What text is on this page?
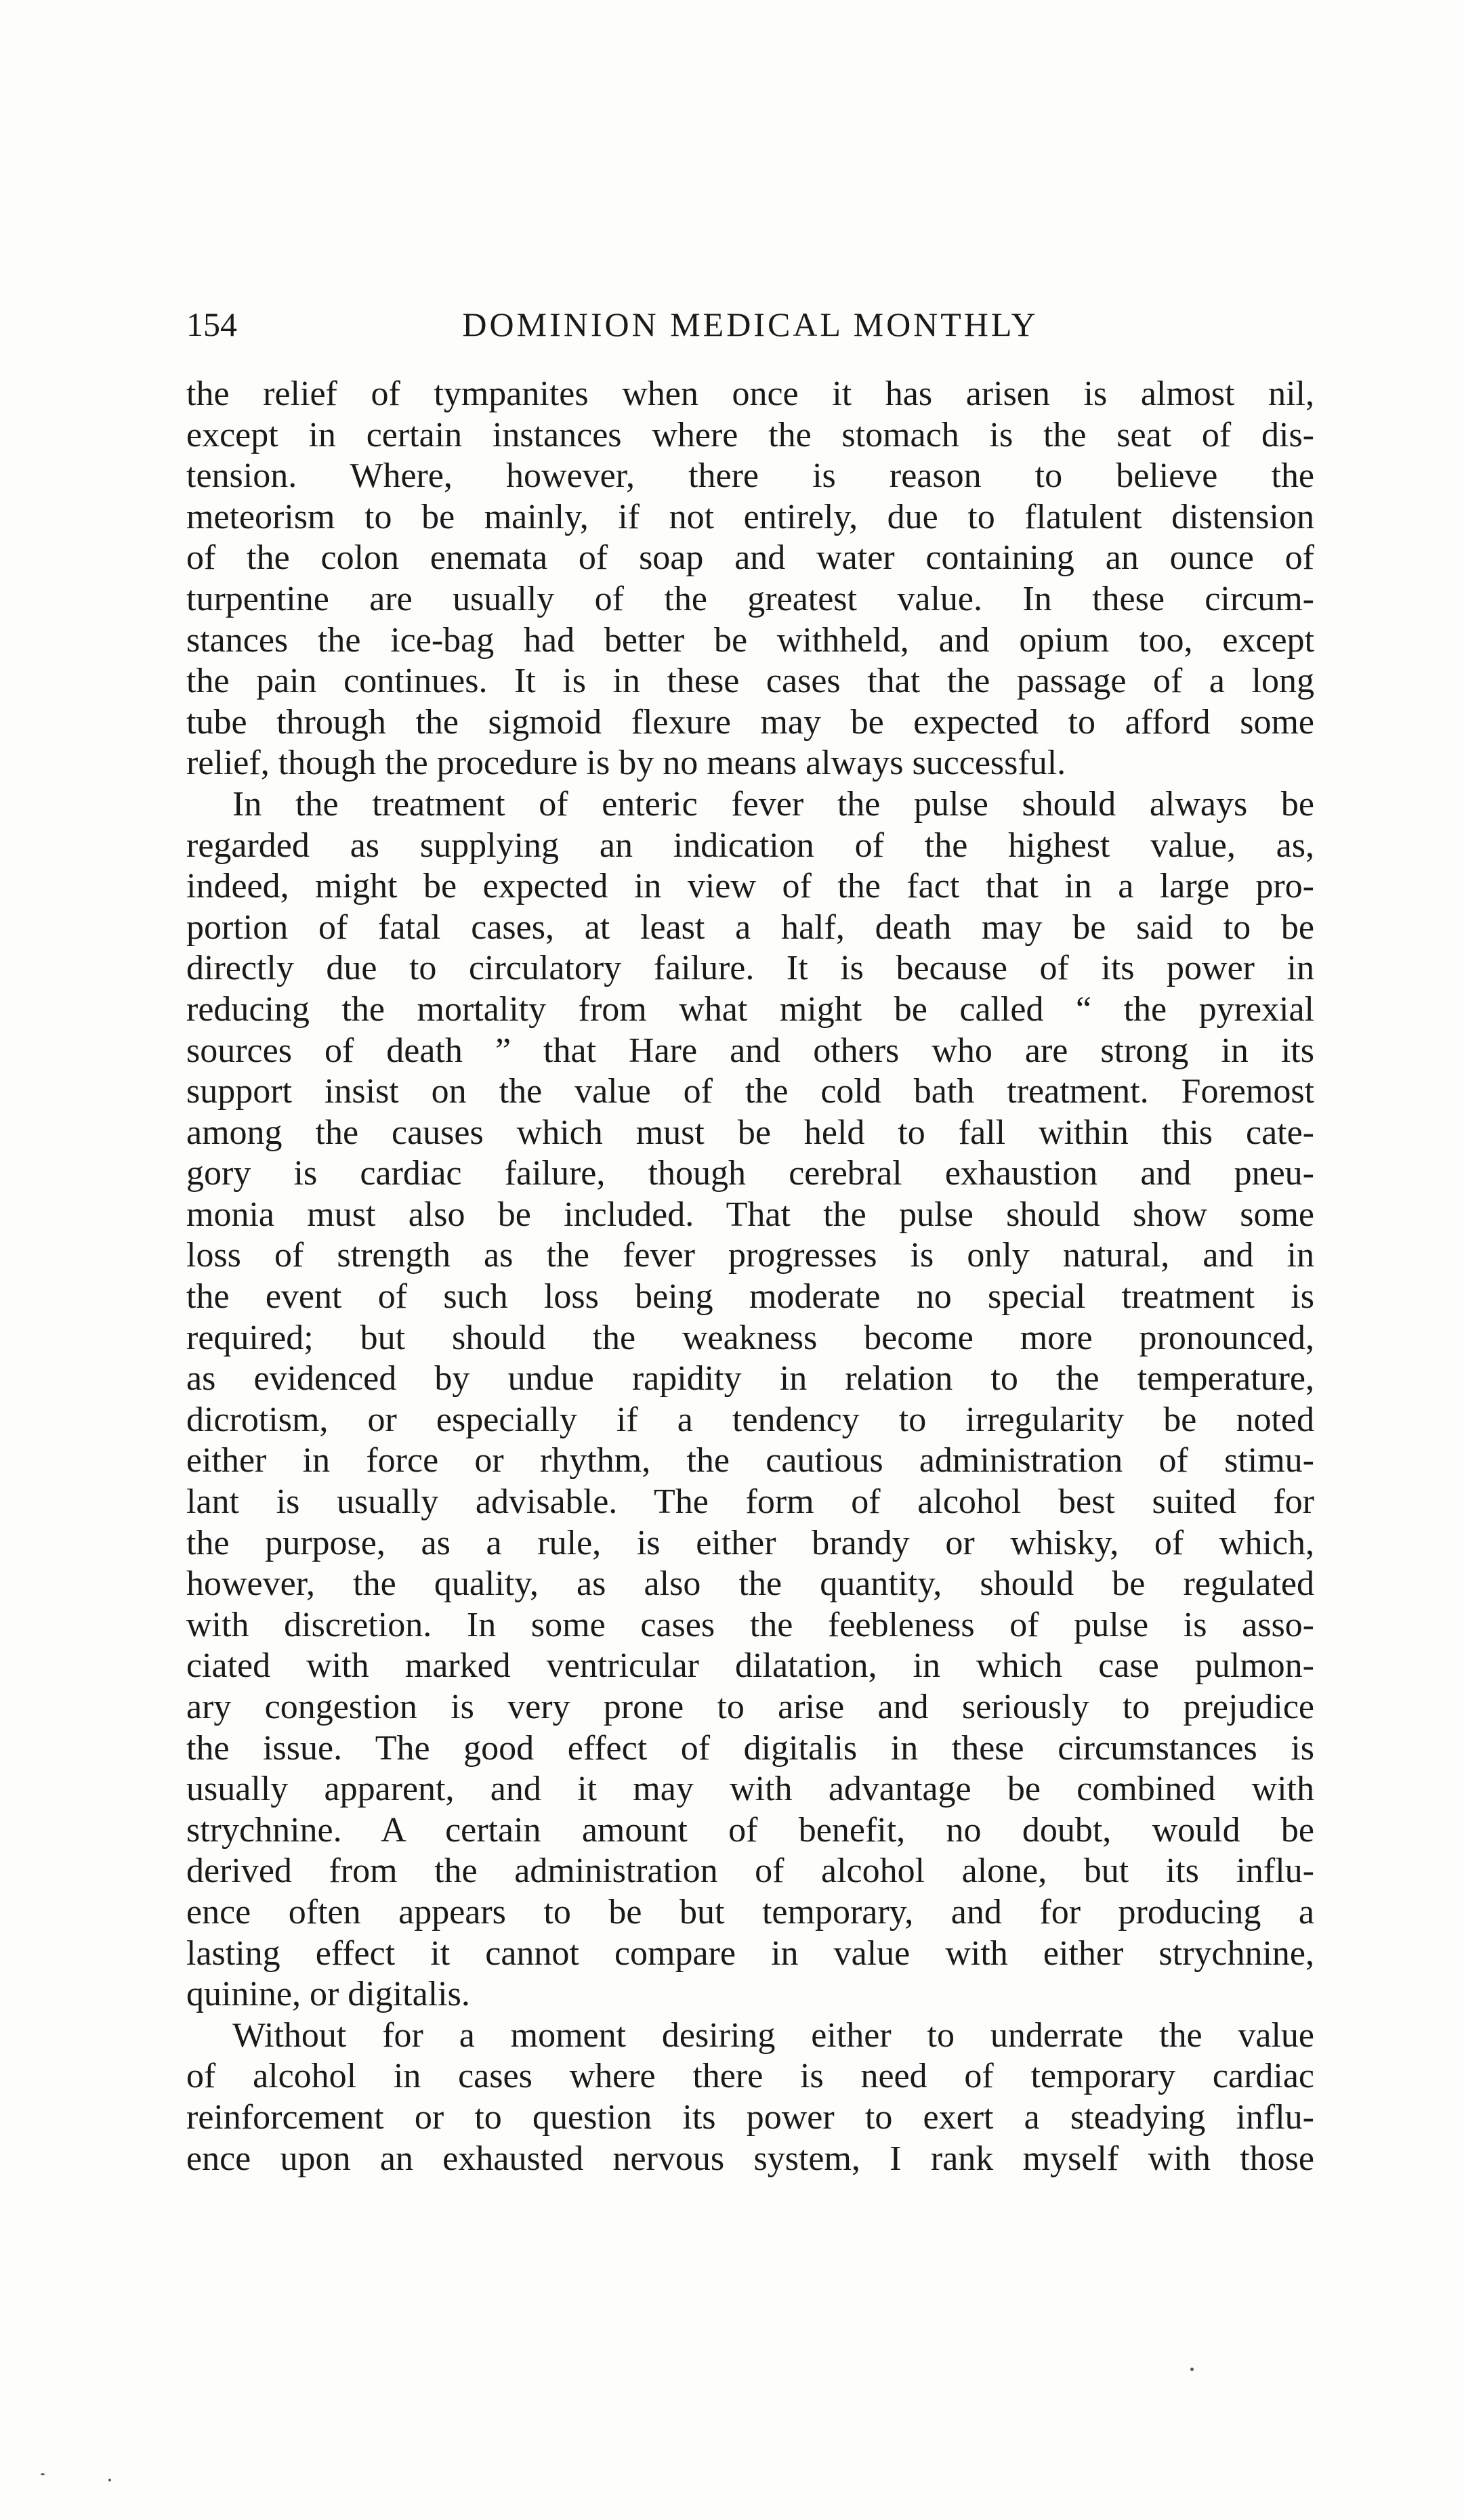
154	DOMINION MEDICAL MONTHLY
the relief of tympanites when once it has arisen is almost nil,
except in certain instances where the stomach is the seat of dis-
tension. Where, however, there is reason to believe the
meteorism to be mainly, if not entirely, due to flatulent distension
of the colon enemata of soap and water containing an ounce of
turpentine are usually of the greatest value. In these circum-
stances the ice-bag had better be withheld, and opium too, except
the pain continues. It is in these cases that the passage of a long
tube through the sigmoid flexure may be expected to afford some
relief, though the procedure is by no means always successful.
In the treatment of enteric fever the pulse should always be
regarded as supplying an indication of the highest value, as,
indeed, might be expected in view of the fact that in a large pro-
portion of fatal cases, at least a half, death may be said to be
directly due to circulatory failure. It is because of its power in
reducing the mortality from what might be called “ the pyrexial
sources of death ” that Hare and others who are strong in its
support insist on the value of the cold bath treatment. Foremost
among the causes which must be held to fall within this cate-
gory is cardiac failure, though cerebral exhaustion and pneu-
monia must also be included. That the pulse should show some
loss of strength as the fever progresses is only natural, and in
the event of such loss being moderate no special treatment is
required; but should the weakness become more pronounced,
as evidenced by undue rapidity in relation to the temperature,
dicrotism, or especially if a tendency to irregularity be noted
either in force or rhythm, the cautious administration of stimu-
lant is usually advisable. The form of alcohol best suited for
the purpose, as a rule, is either brandy or whisky, of which,
however, the quality, as also the quantity, should be regulated
with discretion. In some cases the feebleness of pulse is asso-
ciated with marked ventricular dilatation, in which case pulmon-
ary congestion is very prone to arise and seriously to prejudice
the issue. The good effect of digitalis in these circumstances is
usually apparent, and it may with advantage be combined with
strychnine. A certain amount of benefit, no doubt, would be
derived from the administration of alcohol alone, but its influ-
ence often appears to be but temporary, and for producing a
lasting effect it cannot compare in value with either strychnine,
quinine, or digitalis.
Without for a moment desiring either to underrate the value
of alcohol in cases where there is need of temporary cardiac
reinforcement or to question its power to exert a steadying influ-
ence upon an exhausted nervous system, I rank myself with those
